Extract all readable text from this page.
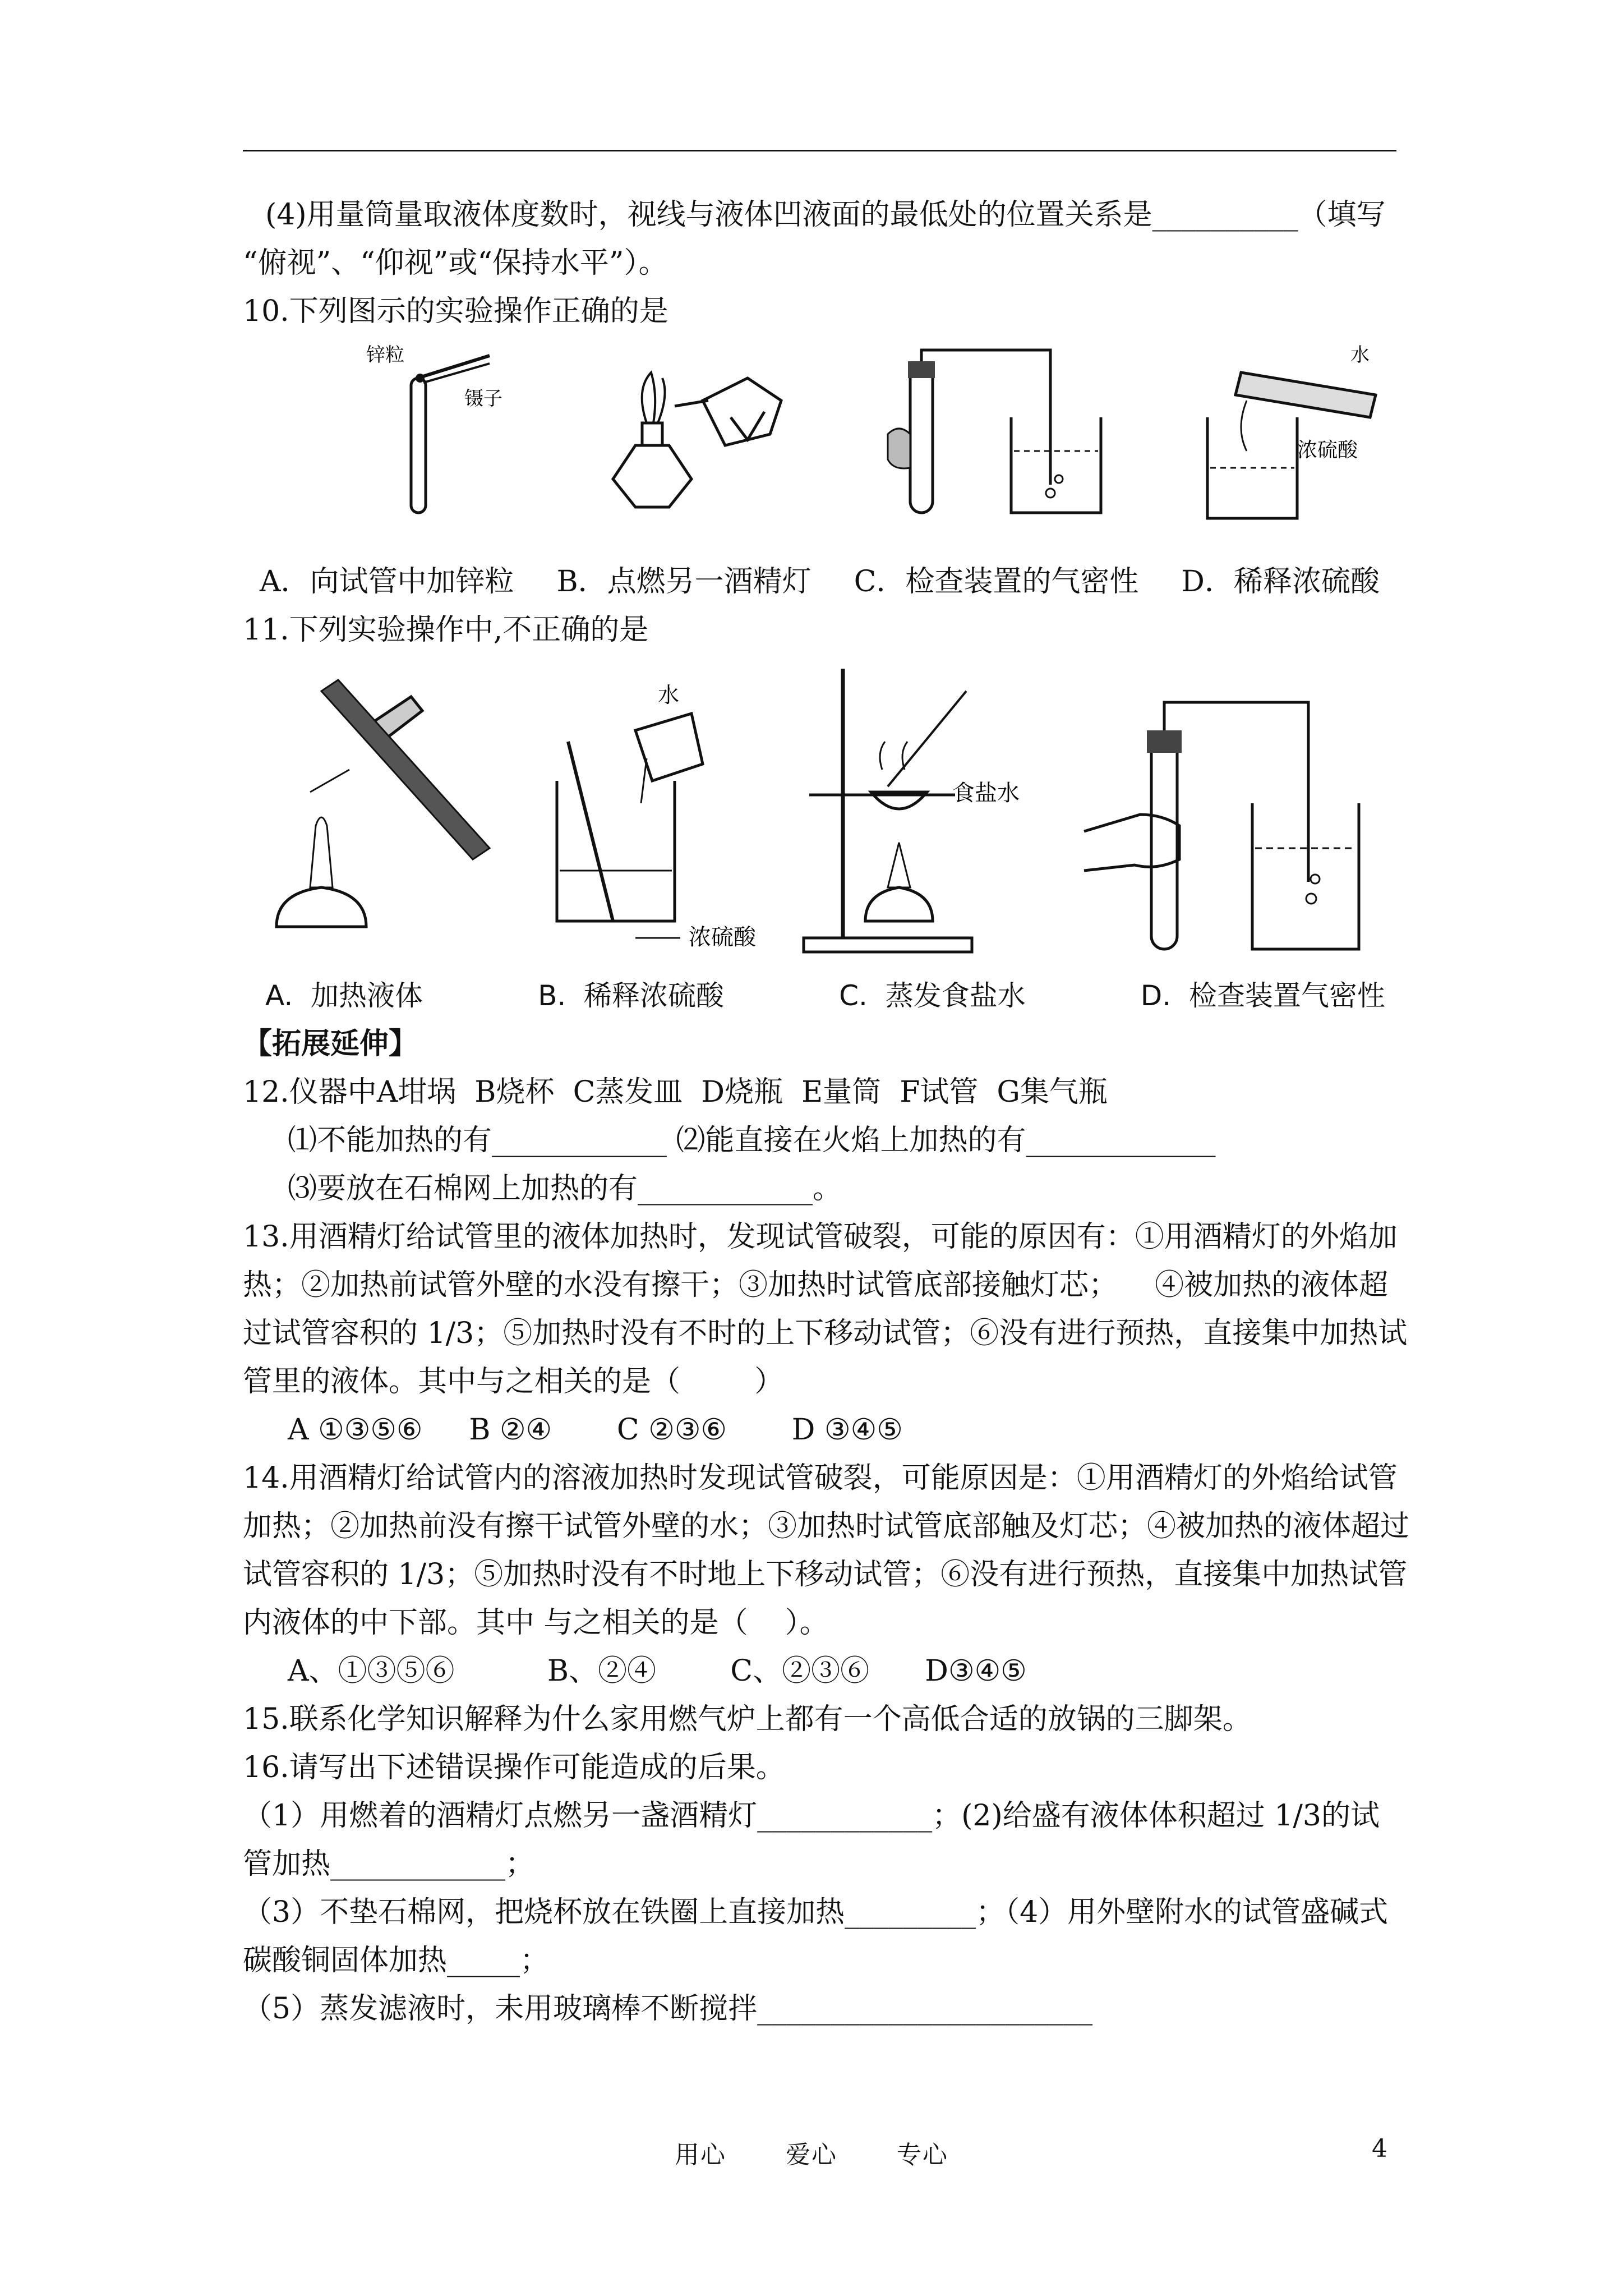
(4)用量筒量取液体度数时，视线与液体凹液面的最低处的位置关系是__________（填写
“俯视”、“仰视”或“保持水平”）。
10.下列图示的实验操作正确的是
锌粒
镊子
水
浓硫酸
A．向试管中加锌粒 B．点燃另一酒精灯 C．检查装置的气密性 D．稀释浓硫酸
11.下列实验操作中,不正确的是
水
浓硫酸
食盐水
A.  加热液体	B.  稀释浓硫酸	C.  蒸发食盐水	D.  检查装置气密性
【拓展延伸】
12.仪器中A坩埚  B烧杯  C蒸发皿  D烧瓶  E量筒  F试管  G集气瓶
⑴不能加热的有____________ ⑵能直接在火焰上加热的有_____________
⑶要放在石棉网上加热的有____________。
13.用酒精灯给试管里的液体加热时，发现试管破裂，可能的原因有：①用酒精灯的外焰加
热；②加热前试管外壁的水没有擦干；③加热时试管底部接触灯芯；    ④被加热的液体超
过试管容积的 1/3；⑤加热时没有不时的上下移动试管；⑥没有进行预热，直接集中加热试
管里的液体。其中与之相关的是（        ）
A ①③⑤⑥     B ②④       C ②③⑥       D ③④⑤
14.用酒精灯给试管内的溶液加热时发现试管破裂，可能原因是：①用酒精灯的外焰给试管
加热；②加热前没有擦干试管外壁的水；③加热时试管底部触及灯芯；④被加热的液体超过
试管容积的 1/3；⑤加热时没有不时地上下移动试管；⑥没有进行预热，直接集中加热试管
内液体的中下部。其中 与之相关的是（    ）。
A、①③⑤⑥          B、②④        C、②③⑥      D③④⑤
15.联系化学知识解释为什么家用燃气炉上都有一个高低合适的放锅的三脚架。
16.请写出下述错误操作可能造成的后果。
（1）用燃着的酒精灯点燃另一盏酒精灯____________；(2)给盛有液体体积超过 1/3的试
管加热____________；
（3）不垫石棉网，把烧杯放在铁圈上直接加热_________；（4）用外壁附水的试管盛碱式
碳酸铜固体加热_____；
（5）蒸发滤液时，未用玻璃棒不断搅拌_______________________
用心 爱心 专心	4
